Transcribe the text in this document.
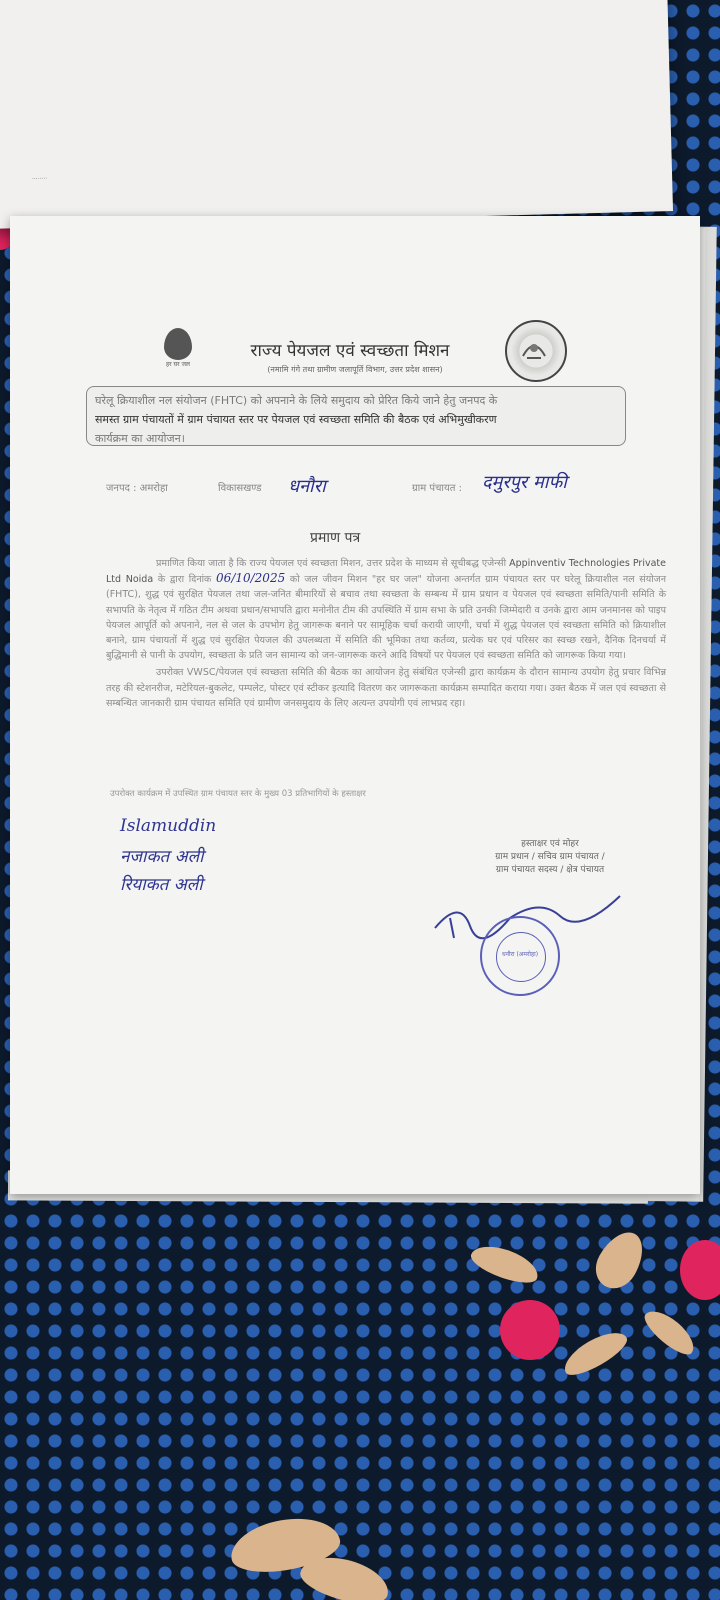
........
हर घर जल
राज्य पेयजल एवं स्वच्छता मिशन
(नमामि गंगे तथा ग्रामीण जलापूर्ति विभाग, उत्तर प्रदेश शासन)
घरेलू क्रियाशील नल संयोजन (FHTC) को अपनाने के लिये समुदाय को प्रेरित किये जाने हेतु जनपद के
समस्त ग्राम पंचायतों में ग्राम पंचायत स्तर पर पेयजल एवं स्वच्छता समिति की बैठक एवं अभिमुखीकरण
कार्यक्रम का आयोजन।
जनपद : अमरोहा	विकासखण्ड धनौरा	ग्राम पंचायत : दमुरपुर माफी
प्रमाण पत्र

प्रमाणित किया जाता है कि राज्य पेयजल एवं स्वच्छता मिशन, उत्तर प्रदेश के माध्यम से सूचीबद्ध एजेन्सी Appinventiv Technologies Private Ltd Noida के द्वारा दिनांक 06/10/2025 को जल जीवन मिशन "हर घर जल" योजना अन्तर्गत ग्राम पंचायत स्तर पर घरेलू क्रियाशील नल संयोजन (FHTC), शुद्ध एवं सुरक्षित पेयजल तथा जल-जनित बीमारियों से बचाव तथा स्वच्छता के सम्बन्ध में ग्राम प्रधान व पेयजल एवं स्वच्छता समिति/पानी समिति के सभापति के नेतृत्व में गठित टीम अथवा प्रधान/सभापति द्वारा मनोनीत टीम की उपस्थिति में ग्राम सभा के प्रति उनकी जिम्मेदारी व उनके द्वारा आम जनमानस को पाइप पेयजल आपूर्ति को अपनाने, नल से जल के उपभोग हेतु जागरूक बनाने पर सामूहिक चर्चा करायी जाएगी, चर्चा में शुद्ध पेयजल एवं स्वच्छता समिति को क्रियाशील बनाने, ग्राम पंचायतों में शुद्ध एवं सुरक्षित पेयजल की उपलब्धता में समिति की भूमिका तथा कर्तव्य, प्रत्येक घर एवं परिसर का स्वच्छ रखने, दैनिक दिनचर्या में बुद्धिमानी से पानी के उपयोग, स्वच्छता के प्रति जन सामान्य को जन-जागरूक करने आदि विषयों पर पेयजल एवं स्वच्छता समिति को जागरूक किया गया।

उपरोक्त VWSC/पेयजल एवं स्वच्छता समिति की बैठक का आयोजन हेतु संबंधित एजेन्सी द्वारा कार्यक्रम के दौरान सामान्य उपयोग हेतु प्रचार विभिन्न तरह की स्टेशनरीज, मटेरियल-बुकलेट, पम्पलेट, पोस्टर एवं स्टीकर इत्यादि वितरण कर जागरूकता कार्यक्रम सम्पादित कराया गया। उक्त बैठक में जल एवं स्वच्छता से सम्बन्धित जानकारी ग्राम पंचायत समिति एवं ग्रामीण जनसमुदाय के लिए अत्यन्त उपयोगी एवं लाभप्रद रहा।

उपरोक्त कार्यक्रम में उपस्थित ग्राम पंचायत स्तर के मुख्य 03 प्रतिभागियों के हस्ताक्षर
Islamuddin
नजाकत अली
रियाकत अली
हस्ताक्षर एवं मोहर
ग्राम प्रधान / सचिव ग्राम पंचायत /
ग्राम पंचायत सदस्य / क्षेत्र पंचायत
धनौरा (अमरोहा)
